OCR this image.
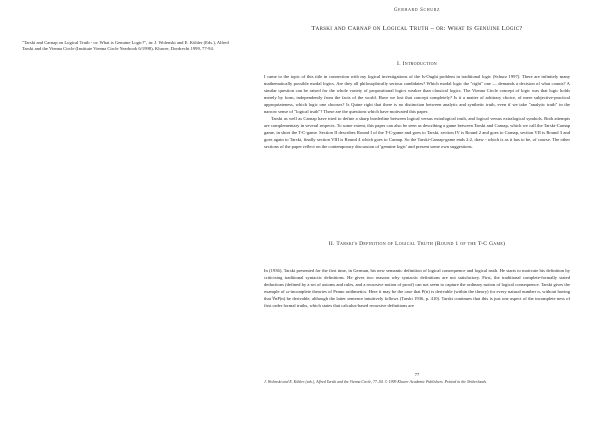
"Tarski and Carnap on Logical Truth - or: What is Genuine Logic?", in: J. Wolenski and E. Köhler (Eds.), Alfred Tarski and the Vienna Circle (Institute Vienna Circle Yearbook 6/1998), Kluwer, Dordrecht 1999, 77-94.
Gerhard Schurz
Tarski and Carnap on Logical Truth – or: What Is Genuine Logic?
I. Introduction

I came to the topic of this title in connection with my logical investigations of the Is-Ought problem in traditional logic (Schurz 1997). There are infinitely many mathematically possible modal logics. Are they all philosophically serious candidates? Which modal logic the "right" one — demands a decision of what counts? A similar question can be raised for the whole variety of propositional logics weaker than classical logics. The Vienna Circle concept of logic was that logic holds merely by form, independently from the facts of the world. Have we lost that concept completely? Is it a matter of arbitrary choice, of mere subjective-practical appropriateness, which logic one chooses? Is Quine right that there is no distinction between analytic and synthetic truth, even if we take "analytic truth" in the narrow sense of "logical truth"? These are the questions which have motivated this paper.

Tarski as well as Carnap have tried to define a sharp borderline between logical versus extralogical truth, and logical versus extralogical symbols. Both attempts are complementary in several respects. To some extent, this paper can also be seen as describing a game between Tarski and Carnap, which we call the Tarski-Carnap game, in short the T-C-game. Section II describes Round I of the T-C-game and goes to Tarski, section IV is Round 2 and goes to Carnap, section VII is Round 3 and goes again to Tarski, finally section VIII is Round 4 which goes to Carnap. So the Tarski-Carnap-game ends 2:2, draw - which is as it has to be, of course. The other sections of the paper reflect on the contemporary discussion of 'genuine logic' and present some own suggestions.

II. Tarski's Definition of Logical Truth (Round 1 of the T-C Game)

In (1936), Tarski presented for the first time, in German, his new semantic definition of logical consequence and logical truth. He starts to motivate his definition by criticising traditional syntactic definitions. He gives two reasons why syntactic definitions are not satisfactory. First, the traditional complete-formally stated deductions (defined by a set of axioms and rules, and a recursive notion of proof) can not seem to capture the ordinary notion of logical consequence. Tarski gives the example of ω-incomplete theories of Peano arithmetics. Here it may be the case that P(n) is derivable (within the theory) for every natural number n, without having that ∀nP(n) be derivable, although the latter sentence intuitively follows (Tarski 1936, p. 410). Tarski continues that this is just one aspect of the incomplete ness of first order formal truths, which states that calculus-based recursive definitions are

77
J. Wolenski and E. Köhler (eds.), Alfred Tarski and the Vienna Circle, 77–94. © 1999 Kluwer Academic Publishers. Printed in the Netherlands.
